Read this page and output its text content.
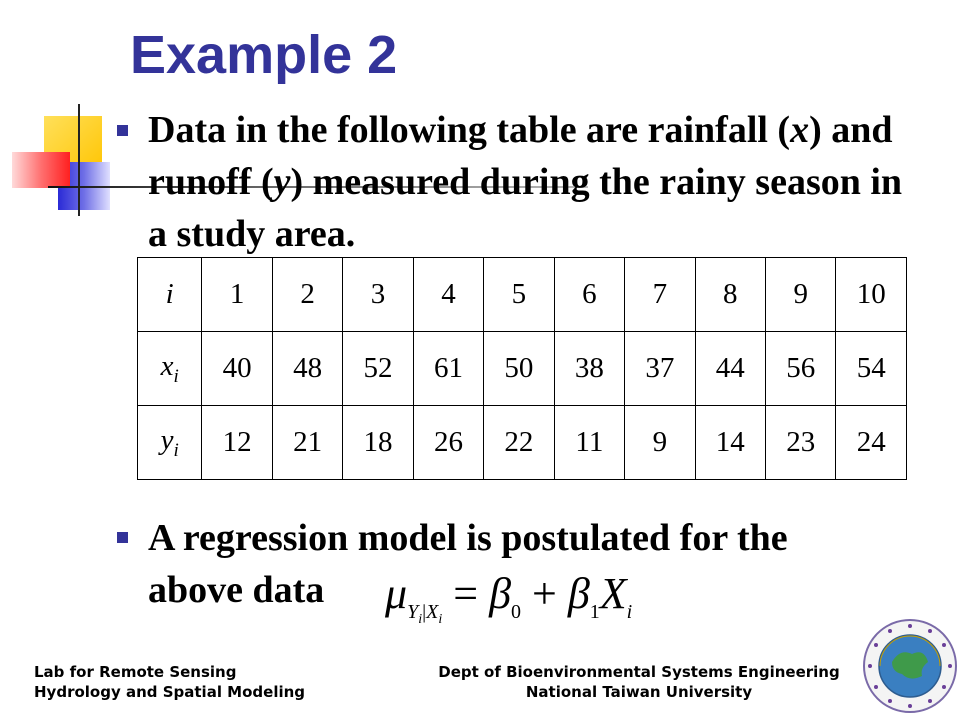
Example 2

Data in the following table are rainfall (x) and runoff (y) measured during the rainy season in a study area.

i	1	2	3	4	5	6	7	8	9	10
$x_i$	40	48	52	61	50	38	37	44	56	54
$y_i$	12	21	18	26	22	11	9	14	23	24

A regression model is postulated for the

above data $\mu_{Y_i|X_i} = \beta_0 + \beta_1X_i$
Lab for Remote Sensing
Hydrology and Spatial Modeling
Dept of Bioenvironmental Systems Engineering
National Taiwan University
